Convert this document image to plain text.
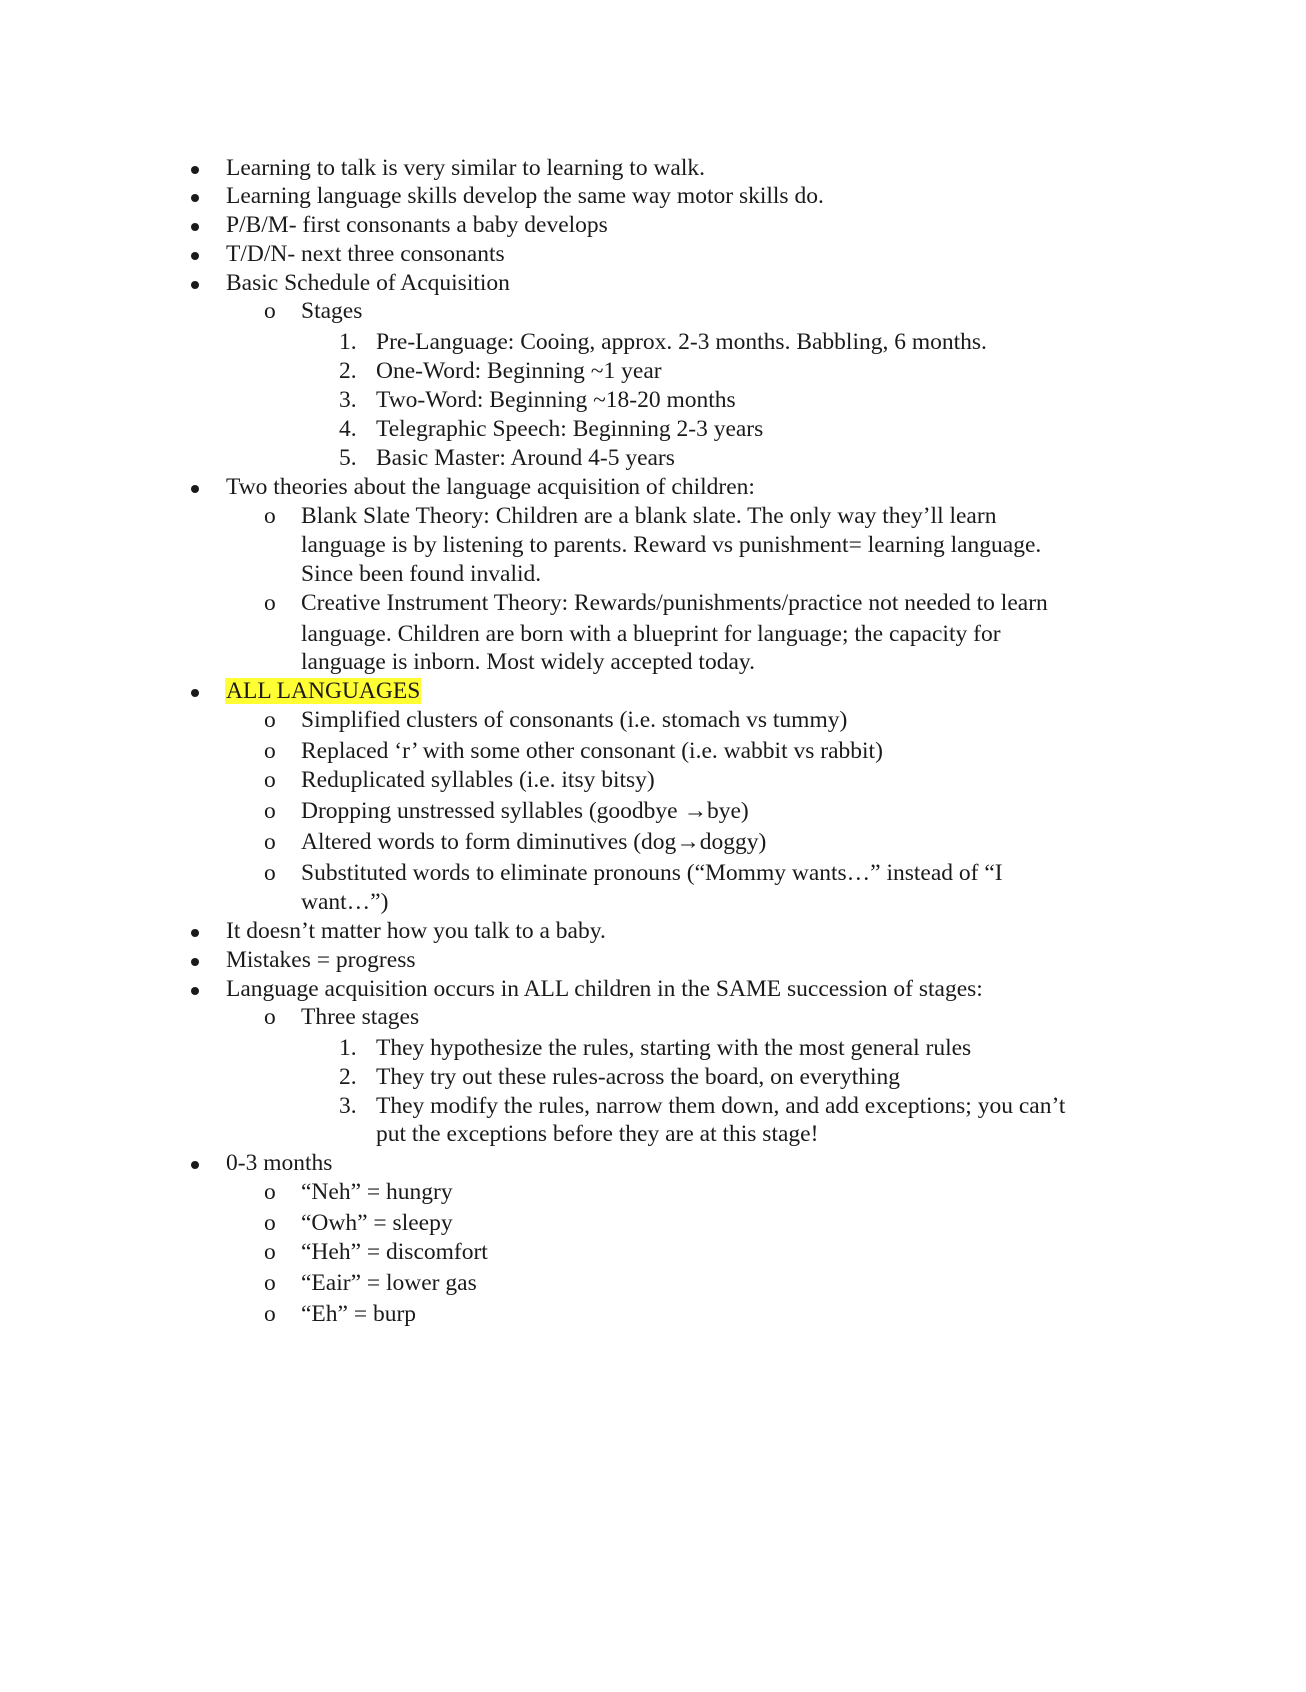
Learning to talk is very similar to learning to walk.
Learning language skills develop the same way motor skills do.
P/B/M- first consonants a baby develops
T/D/N- next three consonants
Basic Schedule of Acquisition
o Stages
1. Pre-Language: Cooing, approx. 2-3 months. Babbling, 6 months.
2. One-Word: Beginning ~1 year
3. Two-Word: Beginning ~18-20 months
4. Telegraphic Speech: Beginning 2-3 years
5. Basic Master: Around 4-5 years
Two theories about the language acquisition of children:
o Blank Slate Theory: Children are a blank slate. The only way they’ll learn
language is by listening to parents. Reward vs punishment= learning language.
Since been found invalid.
o Creative Instrument Theory: Rewards/punishments/practice not needed to learn
language. Children are born with a blueprint for language; the capacity for
language is inborn. Most widely accepted today.
ALL LANGUAGES
o Simplified clusters of consonants (i.e. stomach vs tummy)
o Replaced ‘r’ with some other consonant (i.e. wabbit vs rabbit)
o Reduplicated syllables (i.e. itsy bitsy)
o Dropping unstressed syllables (goodbye →bye)
o Altered words to form diminutives (dog→doggy)
o Substituted words to eliminate pronouns (“Mommy wants…” instead of “I
want…”)
It doesn’t matter how you talk to a baby.
Mistakes = progress
Language acquisition occurs in ALL children in the SAME succession of stages:
o Three stages
1. They hypothesize the rules, starting with the most general rules
2. They try out these rules-across the board, on everything
3. They modify the rules, narrow them down, and add exceptions; you can’t
put the exceptions before they are at this stage!
0-3 months
o “Neh” = hungry
o “Owh” = sleepy
o “Heh” = discomfort
o “Eair” = lower gas
o “Eh” = burp
